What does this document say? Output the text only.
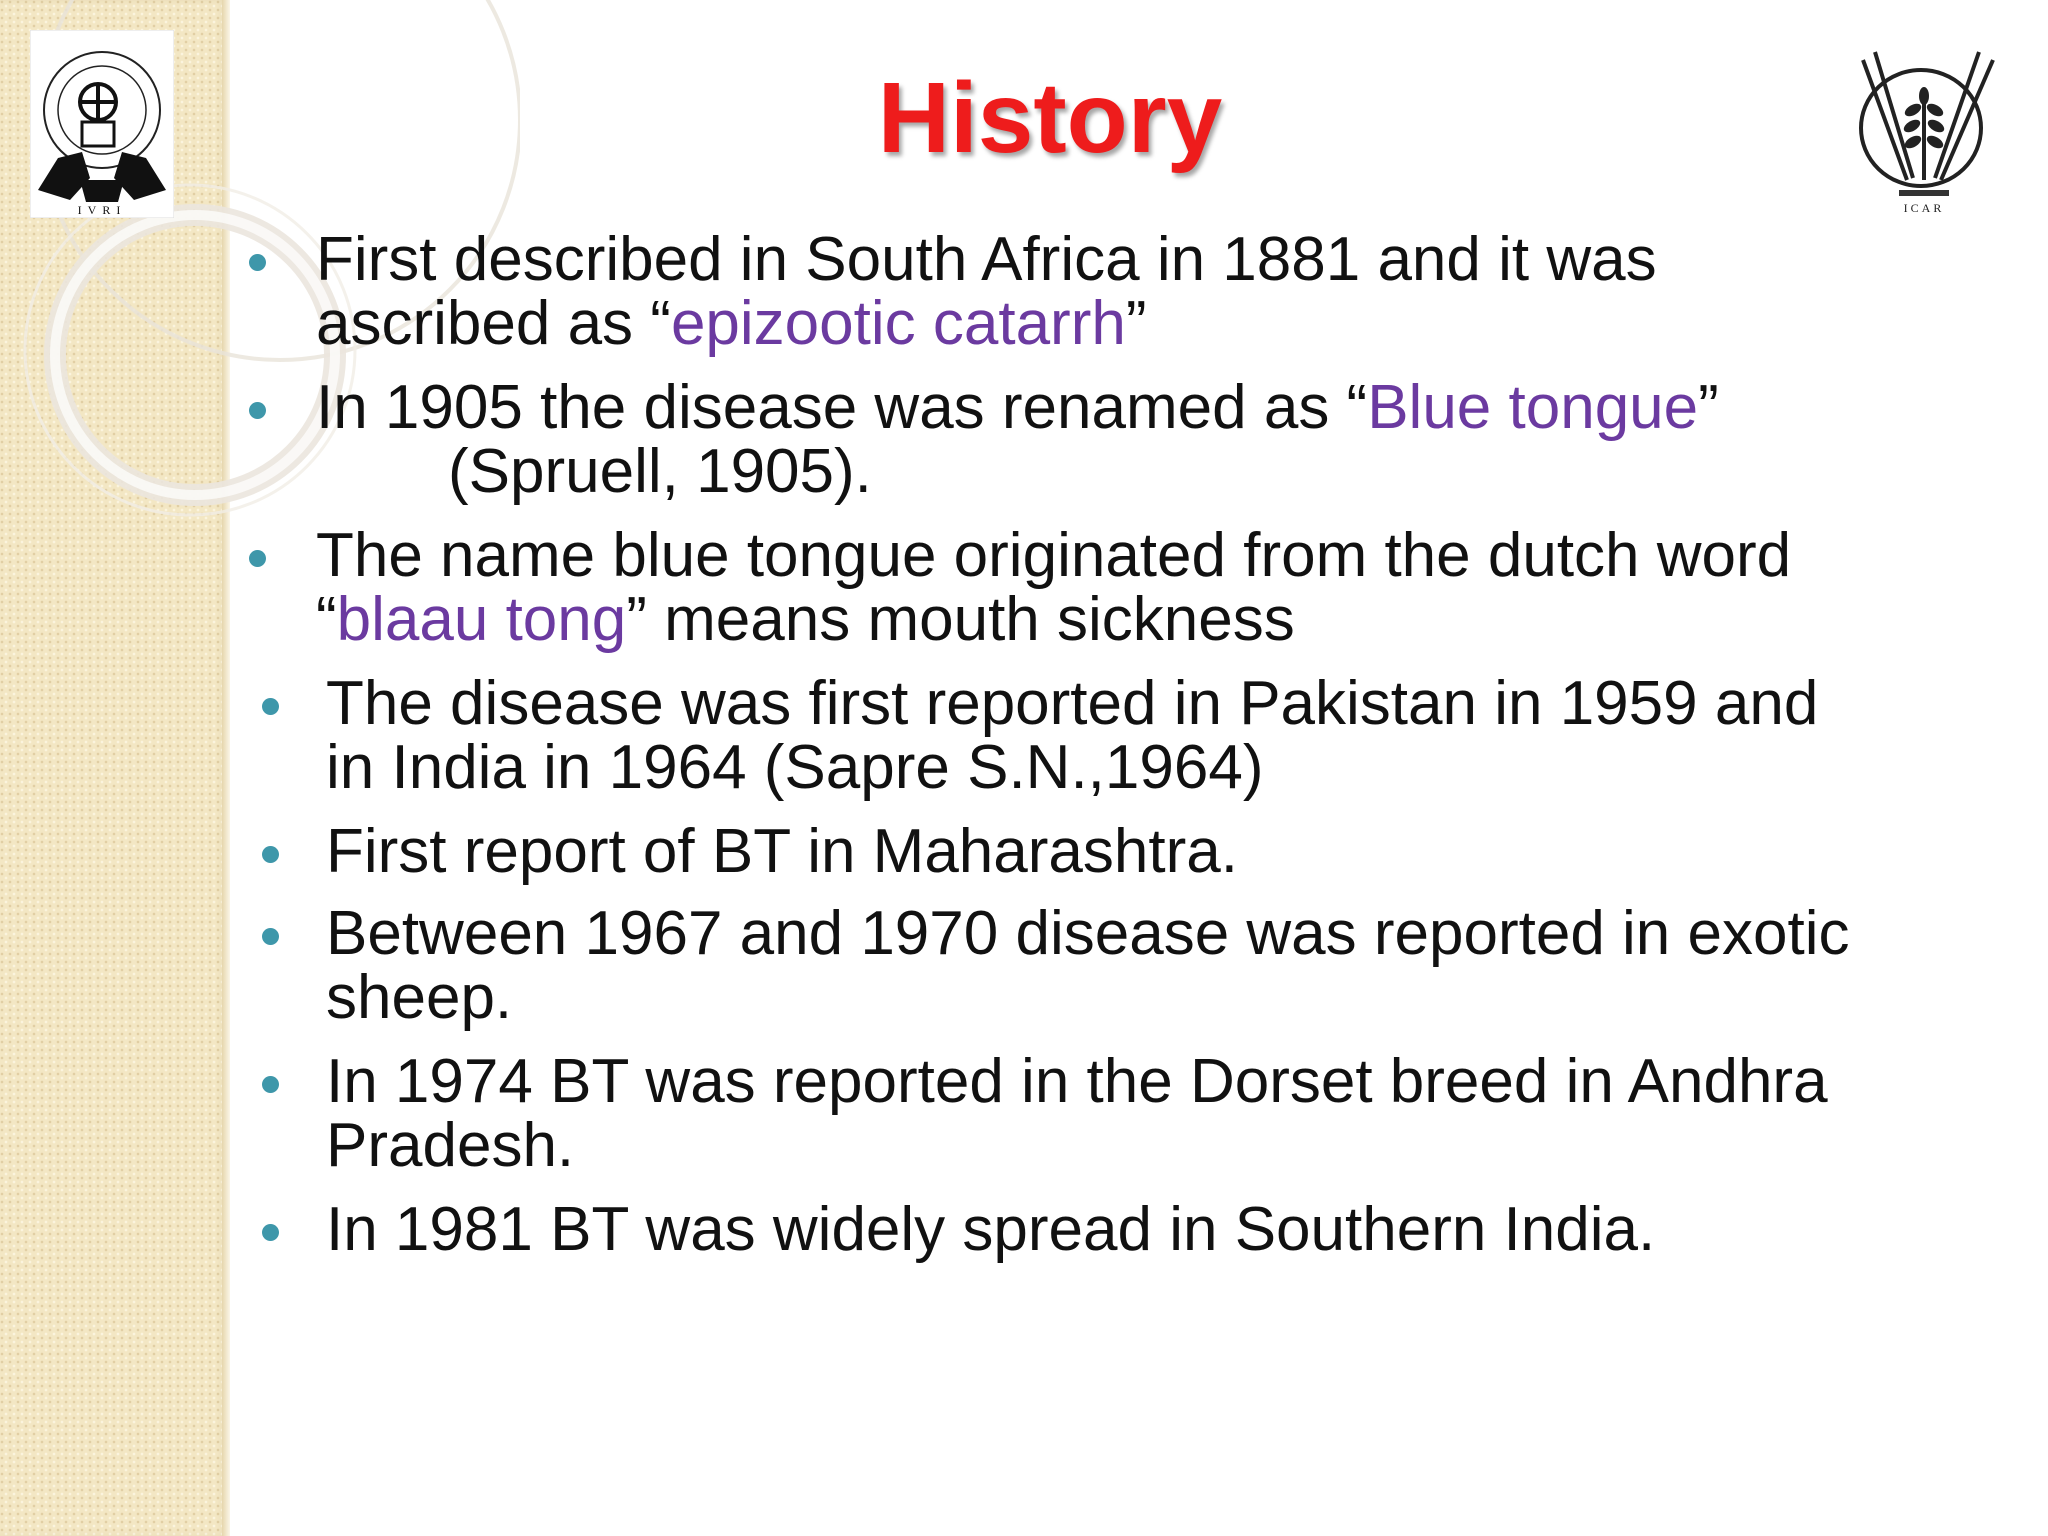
IVRI	ICAR
History
First described in South Africa in 1881 and it was
ascribed as “epizootic catarrh”
In 1905 the disease was renamed as “Blue tongue”
(Spruell, 1905).
The name blue tongue originated from the dutch word
“blaau tong” means mouth sickness
The disease was first reported in Pakistan in 1959 and
in India in 1964 (Sapre S.N.,1964)
First report of BT in Maharashtra.
Between 1967 and 1970 disease was reported in exotic
sheep.
In 1974 BT was reported in the Dorset breed in Andhra
Pradesh.
In 1981 BT was widely spread in Southern India.
